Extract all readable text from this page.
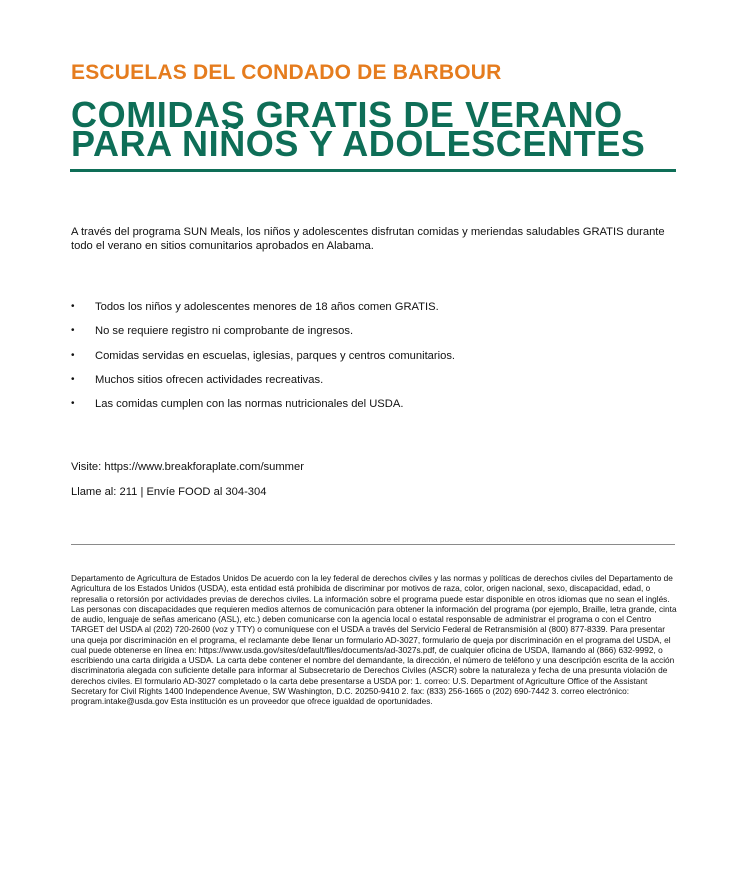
ESCUELAS DEL CONDADO DE BARBOUR
COMIDAS GRATIS DE VERANO
PARA NIÑOS Y ADOLESCENTES

A través del programa SUN Meals, los niños y adolescentes disfrutan comidas y meriendas saludables GRATIS durante todo el verano en sitios comunitarios aprobados en Alabama.

• Todos los niños y adolescentes menores de 18 años comen GRATIS.
• No se requiere registro ni comprobante de ingresos.
• Comidas servidas en escuelas, iglesias, parques y centros comunitarios.
• Muchos sitios ofrecen actividades recreativas.
• Las comidas cumplen con las normas nutricionales del USDA.

Visite: https://www.breakforaplate.com/summer

Llame al: 211 | Envíe FOOD al 304-304

Departamento de Agricultura de Estados Unidos De acuerdo con la ley federal de derechos civiles y las normas y políticas de derechos civiles del Departamento de Agricultura de los Estados Unidos (USDA), esta entidad está prohibida de discriminar por motivos de raza, color, origen nacional, sexo, discapacidad, edad, o represalia o retorsión por actividades previas de derechos civiles. La información sobre el programa puede estar disponible en otros idiomas que no sean el inglés. Las personas con discapacidades que requieren medios alternos de comunicación para obtener la información del programa (por ejemplo, Braille, letra grande, cinta de audio, lenguaje de señas americano (ASL), etc.) deben comunicarse con la agencia local o estatal responsable de administrar el programa o con el Centro TARGET del USDA al (202) 720-2600 (voz y TTY) o comuníquese con el USDA a través del Servicio Federal de Retransmisión al (800) 877-8339. Para presentar una queja por discriminación en el programa, el reclamante debe llenar un formulario AD-3027, formulario de queja por discriminación en el programa del USDA, el cual puede obtenerse en línea en: https://www.usda.gov/sites/default/files/documents/ad-3027s.pdf, de cualquier oficina de USDA, llamando al (866) 632-9992, o escribiendo una carta dirigida a USDA. La carta debe contener el nombre del demandante, la dirección, el número de teléfono y una descripción escrita de la acción discriminatoria alegada con suficiente detalle para informar al Subsecretario de Derechos Civiles (ASCR) sobre la naturaleza y fecha de una presunta violación de derechos civiles. El formulario AD-3027 completado o la carta debe presentarse a USDA por: 1. correo: U.S. Department of Agriculture Office of the Assistant Secretary for Civil Rights 1400 Independence Avenue, SW Washington, D.C. 20250-9410 2. fax: (833) 256-1665 o (202) 690-7442 3. correo electrónico: program.intake@usda.gov Esta institución es un proveedor que ofrece igualdad de oportunidades.
